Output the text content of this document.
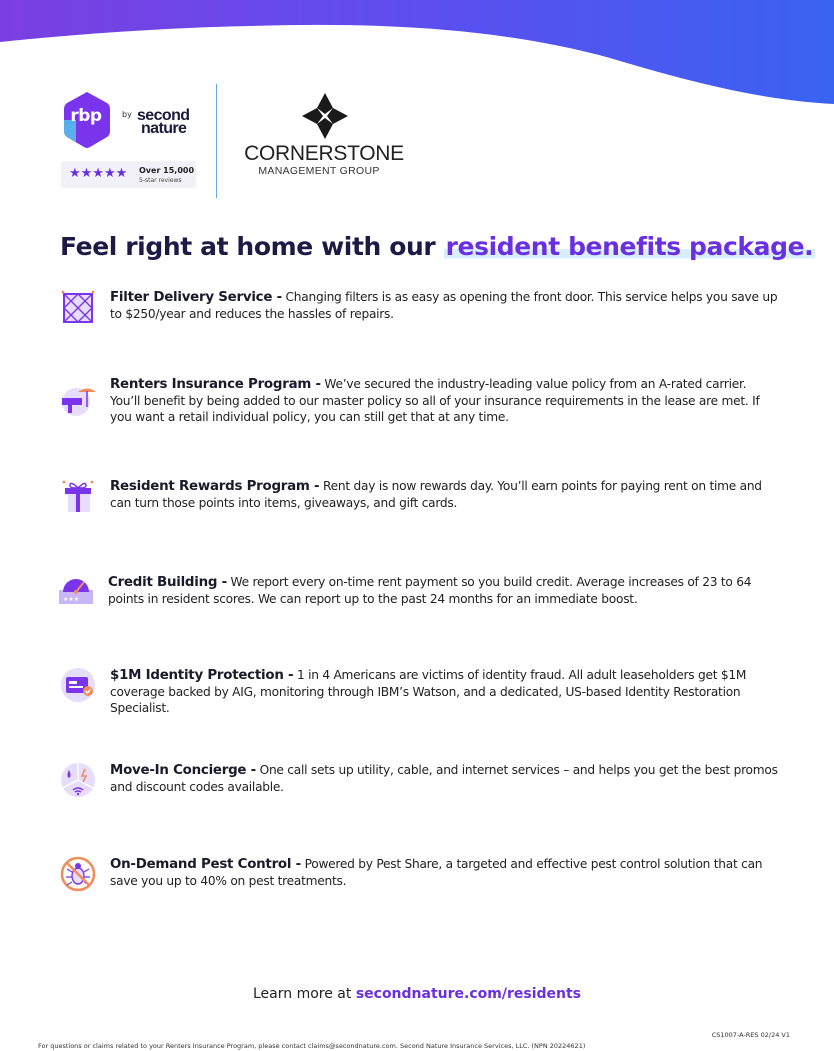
rbp	by second
nature
★★★★★ Over 15,000
5-star reviews
CORNERSTONE
MANAGEMENT GROUP
Feel right at home with our resident benefits package.
Filter Delivery Service - Changing filters is as easy as opening the front door. This service helps you save up to $250/year and reduces the hassles of repairs.
Renters Insurance Program - We’ve secured the industry-leading value policy from an A-rated carrier. You’ll benefit by being added to our master policy so all of your insurance requirements in the lease are met. If you want a retail individual policy, you can still get that at any time.
Resident Rewards Program - Rent day is now rewards day. You’ll earn points for paying rent on time and can turn those points into items, giveaways, and gift cards.
★★★
Credit Building - We report every on-time rent payment so you build credit. Average increases of 23 to 64 points in resident scores. We can report up to the past 24 months for an immediate boost.
$1M Identity Protection - 1 in 4 Americans are victims of identity fraud. All adult leaseholders get $1M coverage backed by AIG, monitoring through IBM’s Watson, and a dedicated, US-based Identity Restoration Specialist.
Move-In Concierge - One call sets up utility, cable, and internet services – and helps you get the best promos and discount codes available.
On-Demand Pest Control - Powered by Pest Share, a targeted and effective pest control solution that can save you up to 40% on pest treatments.
Learn more at secondnature.com/residents
CS1007-A-RES 02/24 V1
For questions or claims related to your Renters Insurance Program, please contact claims@secondnature.com. Second Nature Insurance Services, LLC. (NPN 20224621)
